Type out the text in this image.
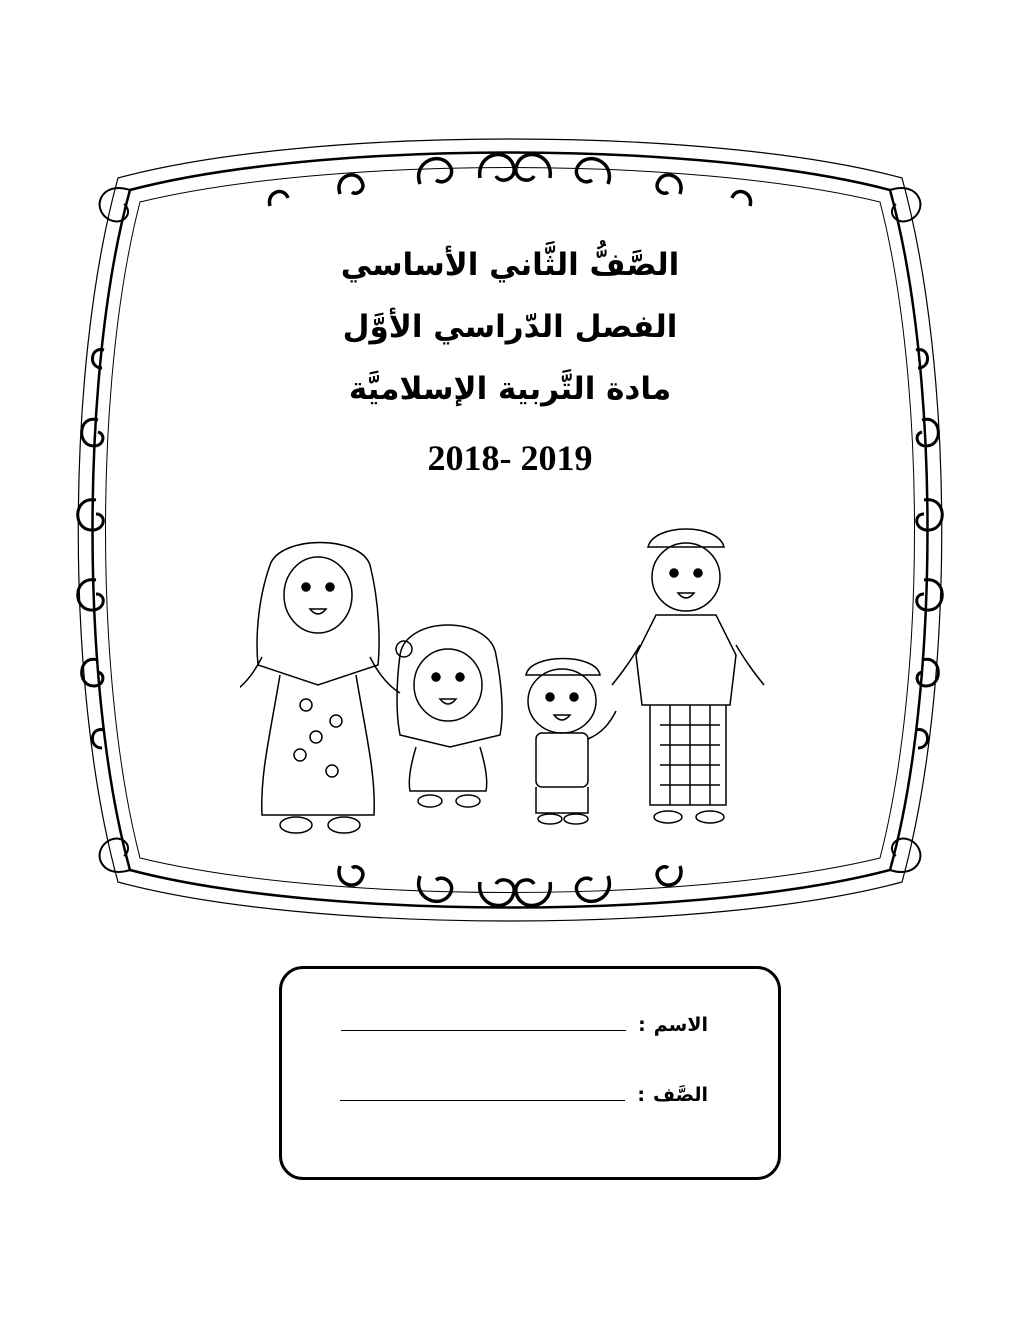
الصَّفُّ الثَّاني الأساسي
الفصل الدّراسي الأوَّل
مادة التَّربية الإسلاميَّة
2018- 2019
الاسم
:
الصَّف
:
